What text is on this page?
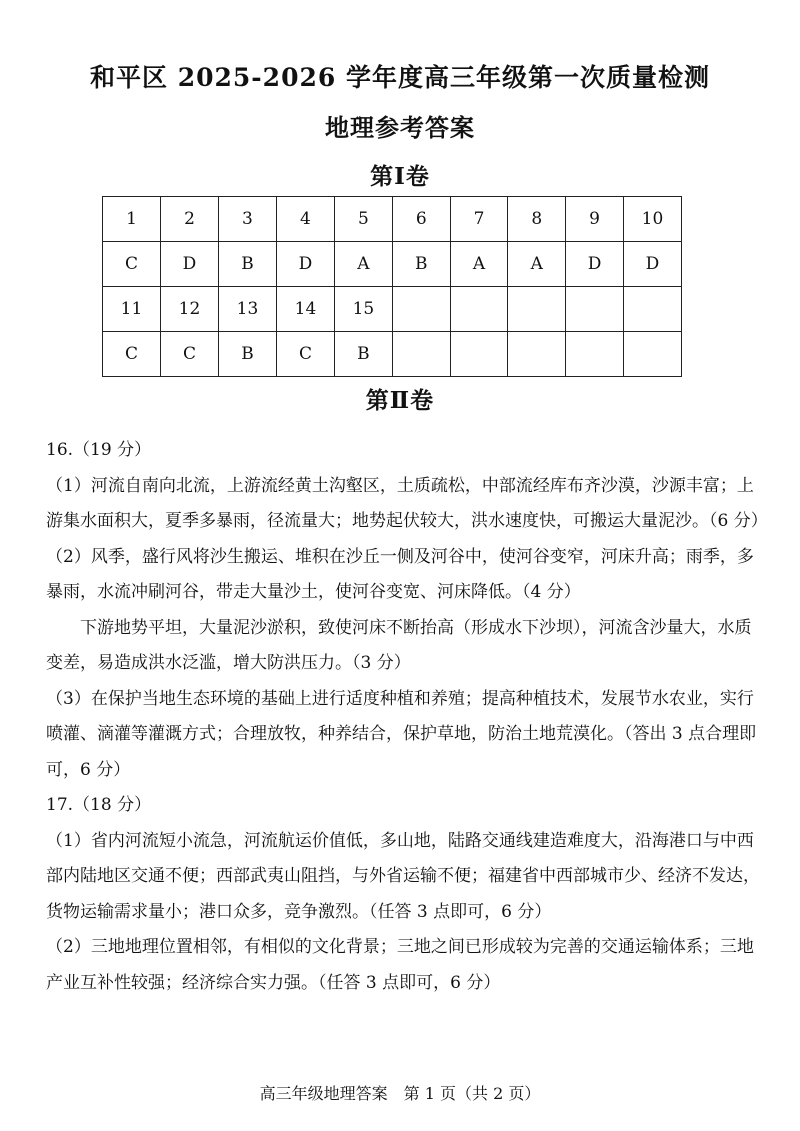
和平区 2025-2026 学年度高三年级第一次质量检测
地理参考答案
第Ⅰ卷
1	2	3	4	5	6	7	8	9	10
C	D	B	D	A	B	A	A	D	D
11	12	13	14	15					
C	C	B	C	B					
第Ⅱ卷

16.（19 分）

（1）河流自南向北流，上游流经黄土沟壑区，土质疏松，中部流经库布齐沙漠，沙源丰富；上游集水面积大，夏季多暴雨，径流量大；地势起伏较大，洪水速度快，可搬运大量泥沙。（6 分）

（2）风季，盛行风将沙生搬运、堆积在沙丘一侧及河谷中，使河谷变窄，河床升高；雨季，多暴雨，水流冲刷河谷，带走大量沙土，使河谷变宽、河床降低。（4 分）

下游地势平坦，大量泥沙淤积，致使河床不断抬高（形成水下沙坝），河流含沙量大，水质变差，易造成洪水泛滥，增大防洪压力。（3 分）

（3）在保护当地生态环境的基础上进行适度种植和养殖；提高种植技术，发展节水农业，实行喷灌、滴灌等灌溉方式；合理放牧，种养结合，保护草地，防治土地荒漠化。（答出 3 点合理即可，6 分）

17.（18 分）

（1）省内河流短小流急，河流航运价值低，多山地，陆路交通线建造难度大，沿海港口与中西部内陆地区交通不便；西部武夷山阻挡，与外省运输不便；福建省中西部城市少、经济不发达，货物运输需求量小；港口众多，竞争激烈。（任答 3 点即可，6 分）

（2）三地地理位置相邻，有相似的文化背景；三地之间已形成较为完善的交通运输体系；三地产业互补性较强；经济综合实力强。（任答 3 点即可，6 分）

高三年级地理答案　第 1 页（共 2 页）
